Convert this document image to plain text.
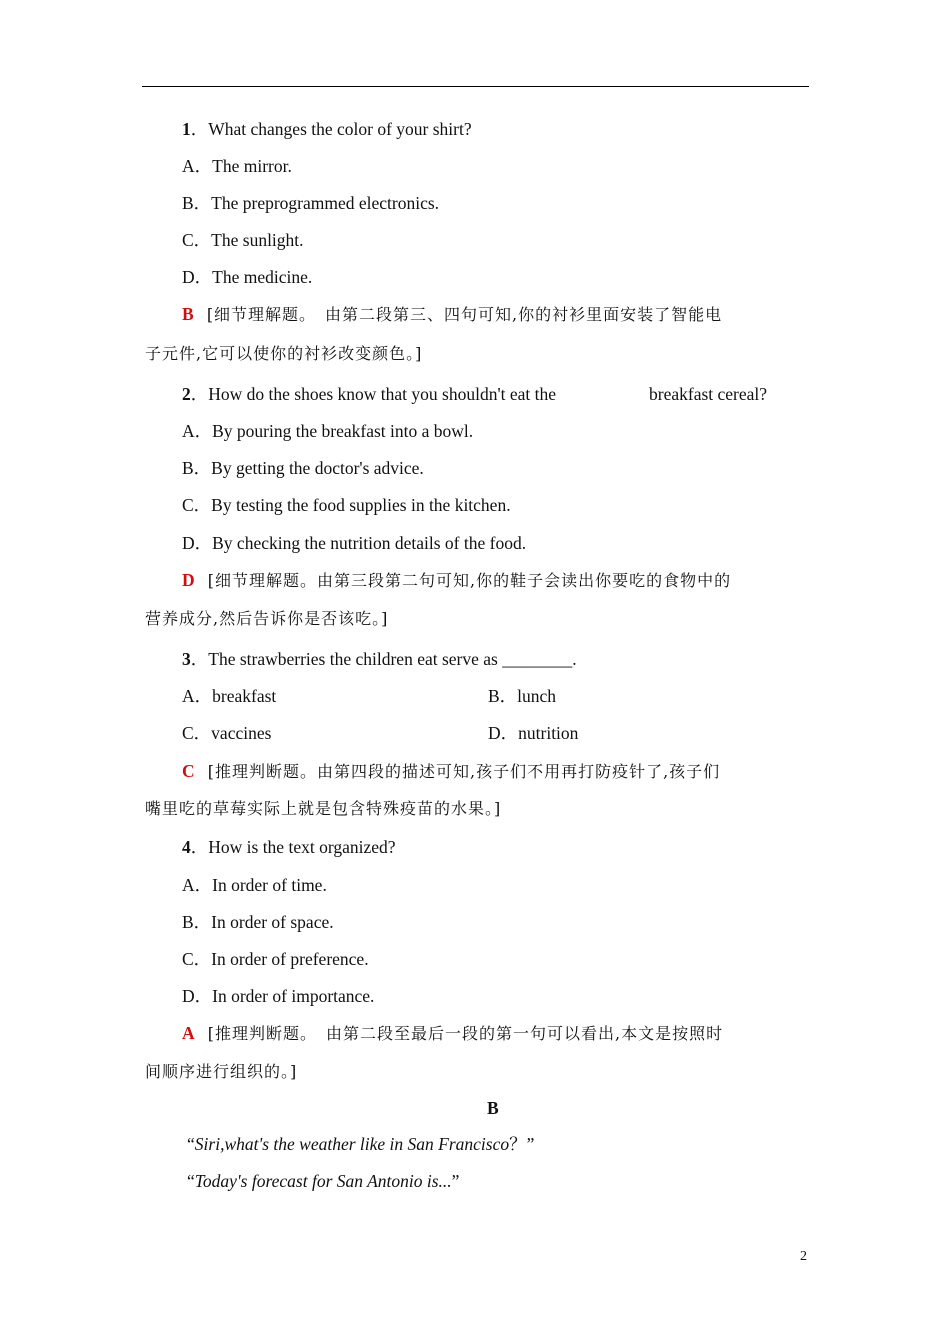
1．What changes the color of your shirt?
A．The mirror.
B．The preprogrammed electronics.
C．The sunlight.
D．The medicine.
B [细节理解题。　由第二段第三、四句可知,你的衬衫里面安装了智能电
子元件,它可以使你的衬衫改变颜色。]
2．How do the shoes know that you shouldn't eat the	breakfast cereal?
A．By pouring the breakfast into a bowl.
B．By getting the doctor's advice.
C．By testing the food supplies in the kitchen.
D．By checking the nutrition details of the food.
D [细节理解题。由第三段第二句可知,你的鞋子会读出你要吃的食物中的
营养成分,然后告诉你是否该吃。]
3．The strawberries the children eat serve as ________.
A．breakfast	B．lunch
C．vaccines	D．nutrition
C [推理判断题。由第四段的描述可知,孩子们不用再打防疫针了,孩子们
嘴里吃的草莓实际上就是包含特殊疫苗的水果。]
4．How is the text organized?
A．In order of time.
B．In order of space.
C．In order of preference.
D．In order of importance.
A [推理判断题。　由第二段至最后一段的第一句可以看出,本文是按照时
间顺序进行组织的。]
B
“Siri,what's the weather like in San Francisco？”
“Today's forecast for San Antonio is...”
2
